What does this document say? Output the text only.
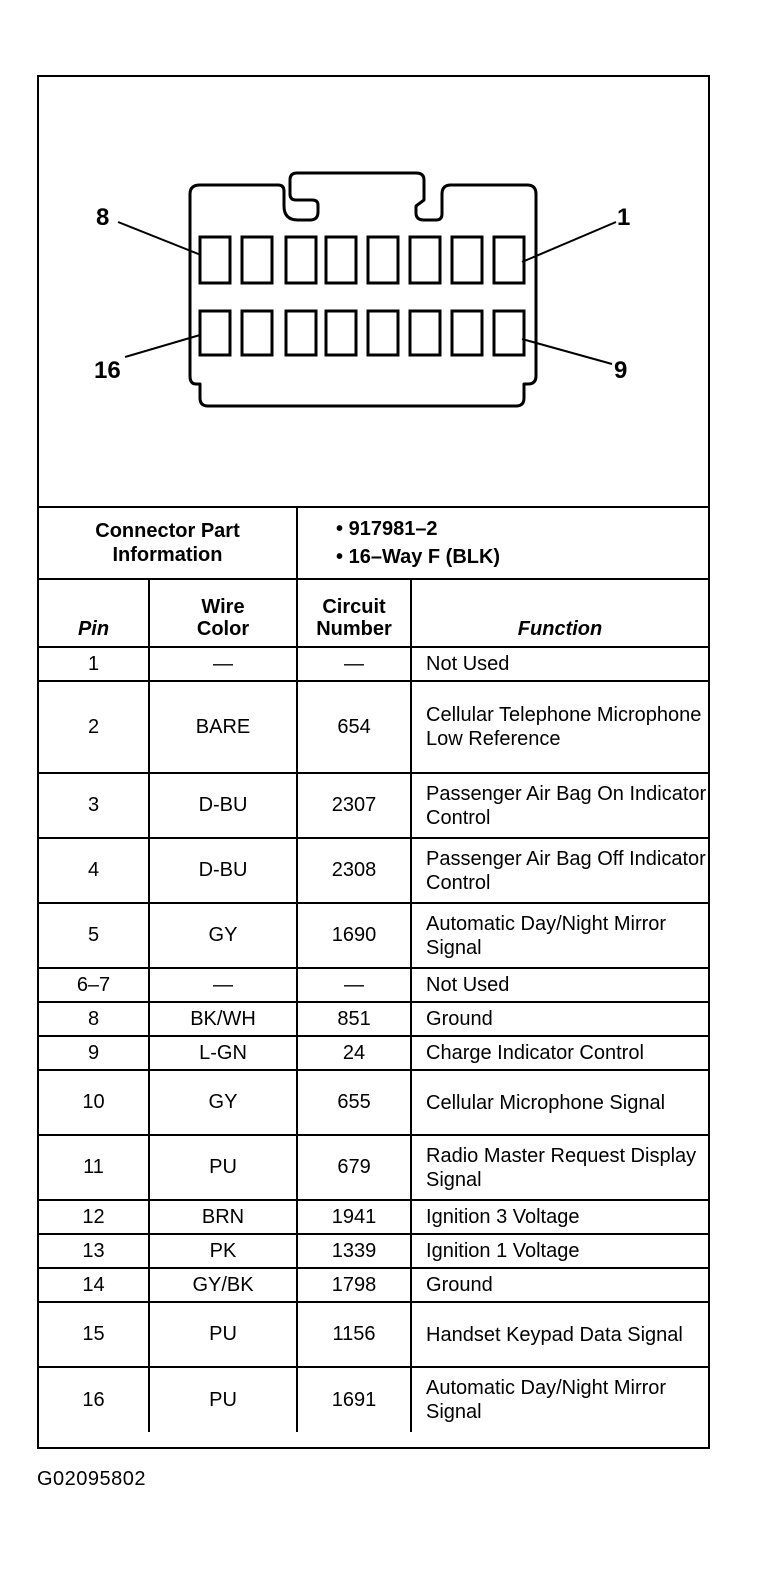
8	1
16	9
Connector Part Information		• 917981–2
• 16–Way F (BLK)	

Pin	Wire Color	Circuit Number	Function
1	—	—	Not Used
2	BARE	654	Cellular Telephone Microphone Low Reference
3	D-BU	2307	Passenger Air Bag On Indicator Control
4	D-BU	2308	Passenger Air Bag Off Indicator Control
5	GY	1690	Automatic Day/Night Mirror Signal
6–7	—	—	Not Used
8	BK/WH	851	Ground
9	L-GN	24	Charge Indicator Control
10	GY	655	Cellular Microphone Signal
11	PU	679	Radio Master Request Display Signal
12	BRN	1941	Ignition 3 Voltage
13	PK	1339	Ignition 1 Voltage
14	GY/BK	1798	Ground
15	PU	1156	Handset Keypad Data Signal
16	PU	1691	Automatic Day/Night Mirror Signal
G02095802
